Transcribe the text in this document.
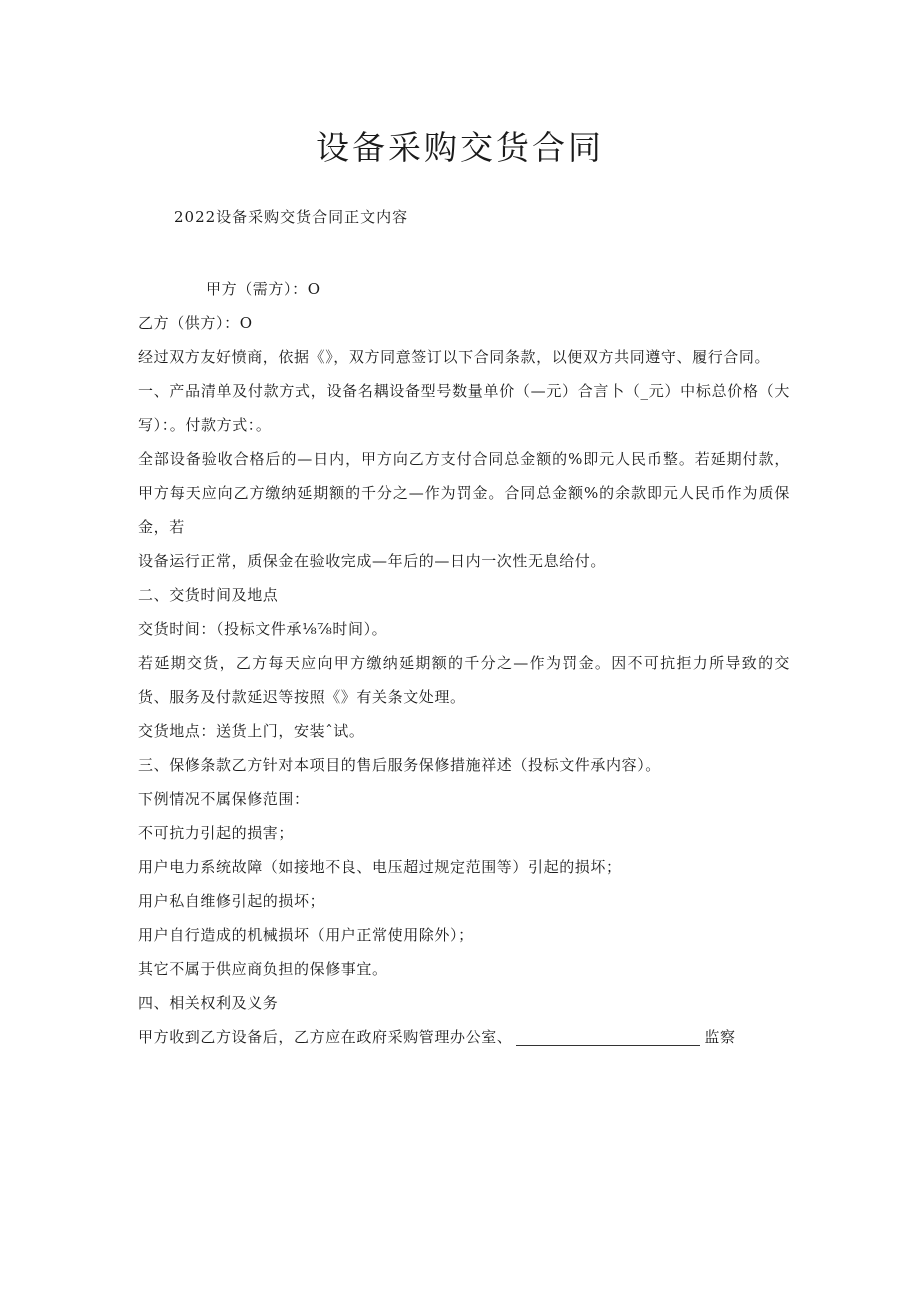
设备采购交货合同
2022设备采购交货合同正文内容

甲方（需方）：O

乙方（供方）：O

经过双方友好愤商，依据《》，双方同意签订以下合同条款，以便双方共同遵守、履行合同。

一、产品清单及付款方式，设备名耦设备型号数量单价（—元）合言卜（_元）中标总价格（大写）：。付款方式：。

全部设备验收合格后的—日内，甲方向乙方支付合同总金额的%即元人民币整。若延期付款，甲方每天应向乙方缴纳延期额的千分之—作为罚金。合同总金额%的余款即元人民币作为质保金，若

设备运行正常，质保金在验收完成—年后的—日内一次性无息给付。

二、交货时间及地点

交货时间：（投标文件承⅛⅞时间）。

若延期交货，乙方每天应向甲方缴纳延期额的千分之—作为罚金。因不可抗拒力所导致的交货、服务及付款延迟等按照《》有关条文处理。

交货地点：送货上门，安装ˆ试。

三、保修条款乙方针对本项目的售后服务保修措施祥述（投标文件承内容）。

下例情况不属保修范围：

不可抗力引起的损害；

用户电力系统故障（如接地不良、电压超过规定范围等）引起的损坏；

用户私自维修引起的损坏；

用户自行造成的机械损坏（用户正常使用除外）；

其它不属于供应商负担的保修事宜。

四、相关权利及义务

甲方收到乙方设备后，乙方应在政府采购管理办公室、	监察
